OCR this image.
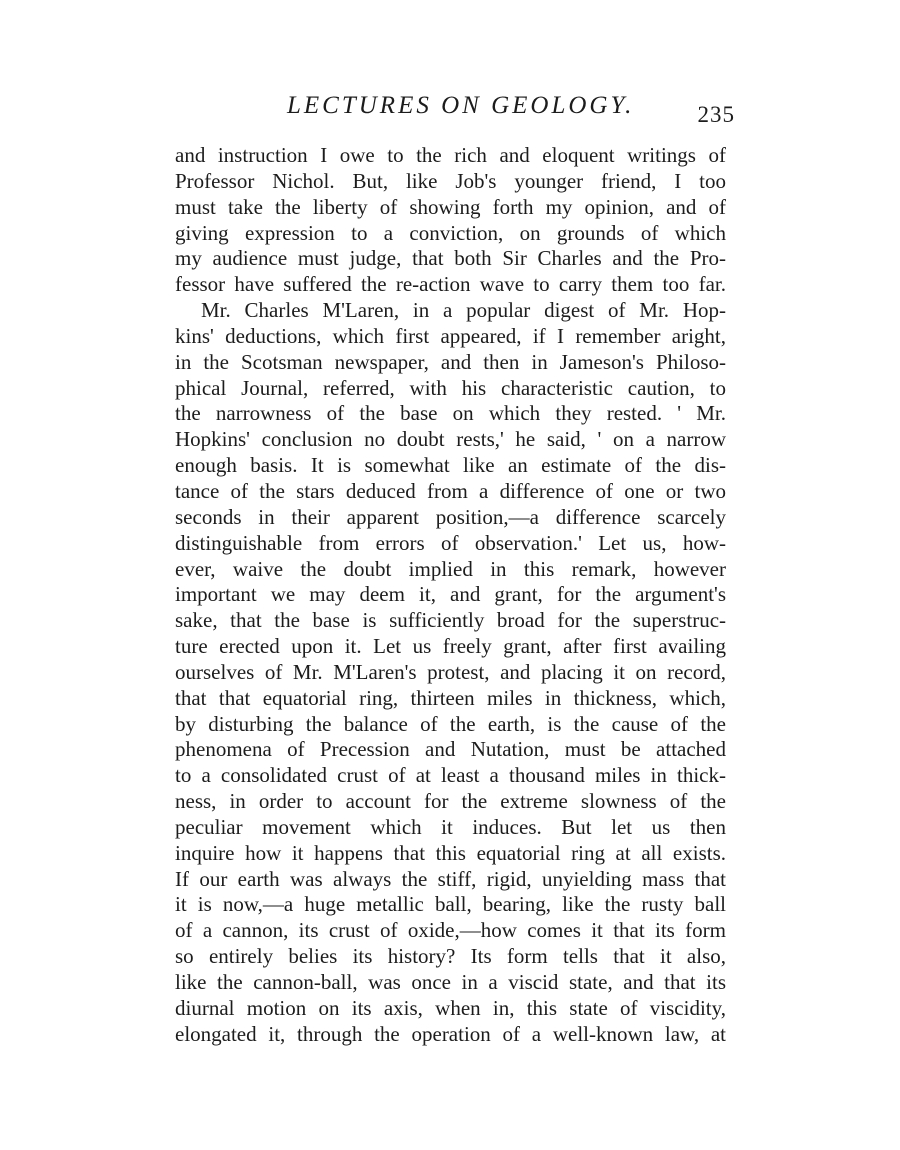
LECTURES ON GEOLOGY.	235
and instruction I owe to the rich and eloquent writings of
Professor Nichol. But, like Job's younger friend, I too
must take the liberty of showing forth my opinion, and of
giving expression to a conviction, on grounds of which
my audience must judge, that both Sir Charles and the Pro-
fessor have suffered the re-action wave to carry them too far.
Mr. Charles M'Laren, in a popular digest of Mr. Hop-
kins' deductions, which first appeared, if I remember aright,
in the Scotsman newspaper, and then in Jameson's Philoso-
phical Journal, referred, with his characteristic caution, to
the narrowness of the base on which they rested. ' Mr.
Hopkins' conclusion no doubt rests,' he said, ' on a narrow
enough basis. It is somewhat like an estimate of the dis-
tance of the stars deduced from a difference of one or two
seconds in their apparent position,—a difference scarcely
distinguishable from errors of observation.' Let us, how-
ever, waive the doubt implied in this remark, however
important we may deem it, and grant, for the argument's
sake, that the base is sufficiently broad for the superstruc-
ture erected upon it. Let us freely grant, after first availing
ourselves of Mr. M'Laren's protest, and placing it on record,
that that equatorial ring, thirteen miles in thickness, which,
by disturbing the balance of the earth, is the cause of the
phenomena of Precession and Nutation, must be attached
to a consolidated crust of at least a thousand miles in thick-
ness, in order to account for the extreme slowness of the
peculiar movement which it induces. But let us then
inquire how it happens that this equatorial ring at all exists.
If our earth was always the stiff, rigid, unyielding mass that
it is now,—a huge metallic ball, bearing, like the rusty ball
of a cannon, its crust of oxide,—how comes it that its form
so entirely belies its history? Its form tells that it also,
like the cannon-ball, was once in a viscid state, and that its
diurnal motion on its axis, when in, this state of viscidity,
elongated it, through the operation of a well-known law, at
